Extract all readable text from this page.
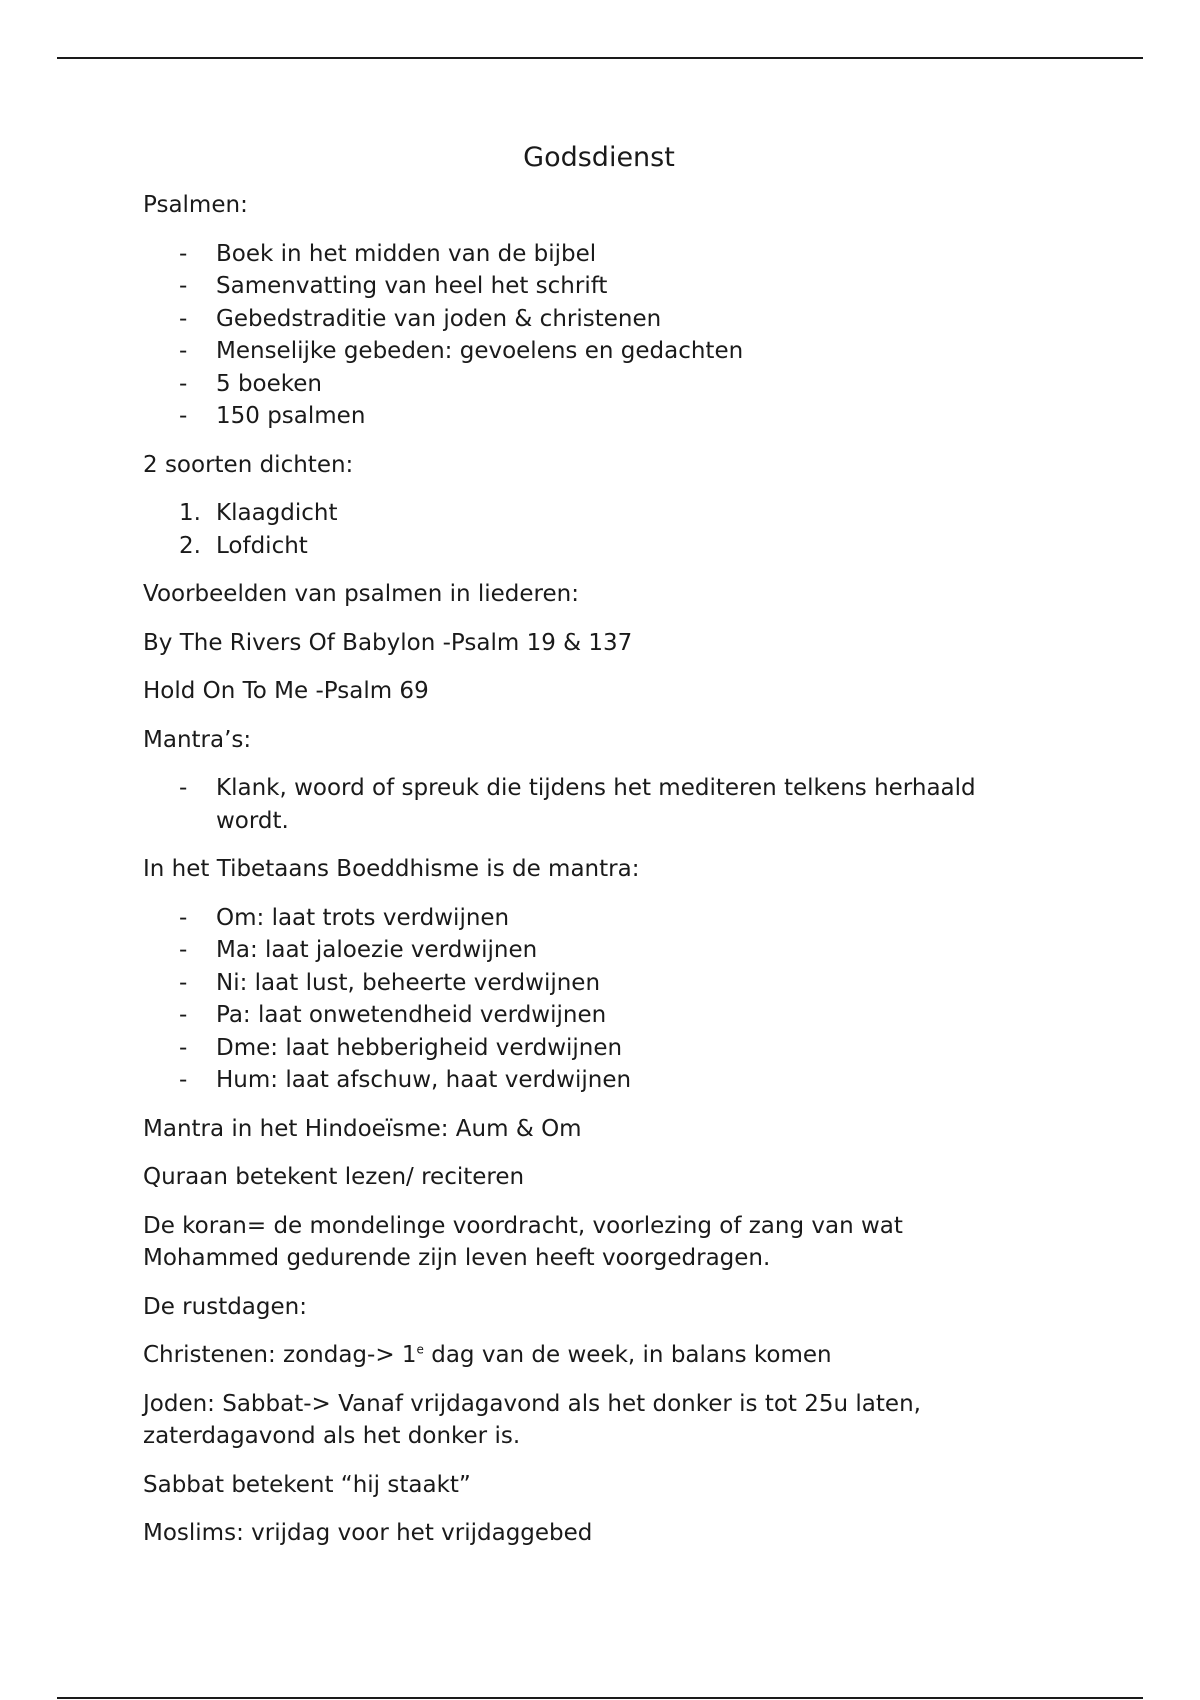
Godsdienst
Psalmen:
- Boek in het midden van de bijbel
- Samenvatting van heel het schrift
- Gebedstraditie van joden & christenen
- Menselijke gebeden: gevoelens en gedachten
- 5 boeken
- 150 psalmen
2 soorten dichten:
1. Klaagdicht
2. Lofdicht
Voorbeelden van psalmen in liederen:
By The Rivers Of Babylon -Psalm 19 & 137
Hold On To Me -Psalm 69
Mantra’s:
- Klank, woord of spreuk die tijdens het mediteren telkens herhaald wordt.
In het Tibetaans Boeddhisme is de mantra:
- Om: laat trots verdwijnen
- Ma: laat jaloezie verdwijnen
- Ni: laat lust, beheerte verdwijnen
- Pa: laat onwetendheid verdwijnen
- Dme: laat hebberigheid verdwijnen
- Hum: laat afschuw, haat verdwijnen
Mantra in het Hindoeïsme: Aum & Om
Quraan betekent lezen/ reciteren
De koran= de mondelinge voordracht, voorlezing of zang van wat Mohammed gedurende zijn leven heeft voorgedragen.
De rustdagen:
Christenen: zondag-> $1^e$ dag van de week, in balans komen
Joden: Sabbat-> Vanaf vrijdagavond als het donker is tot 25u laten, zaterdagavond als het donker is.
Sabbat betekent “hij staakt”
Moslims: vrijdag voor het vrijdaggebed
